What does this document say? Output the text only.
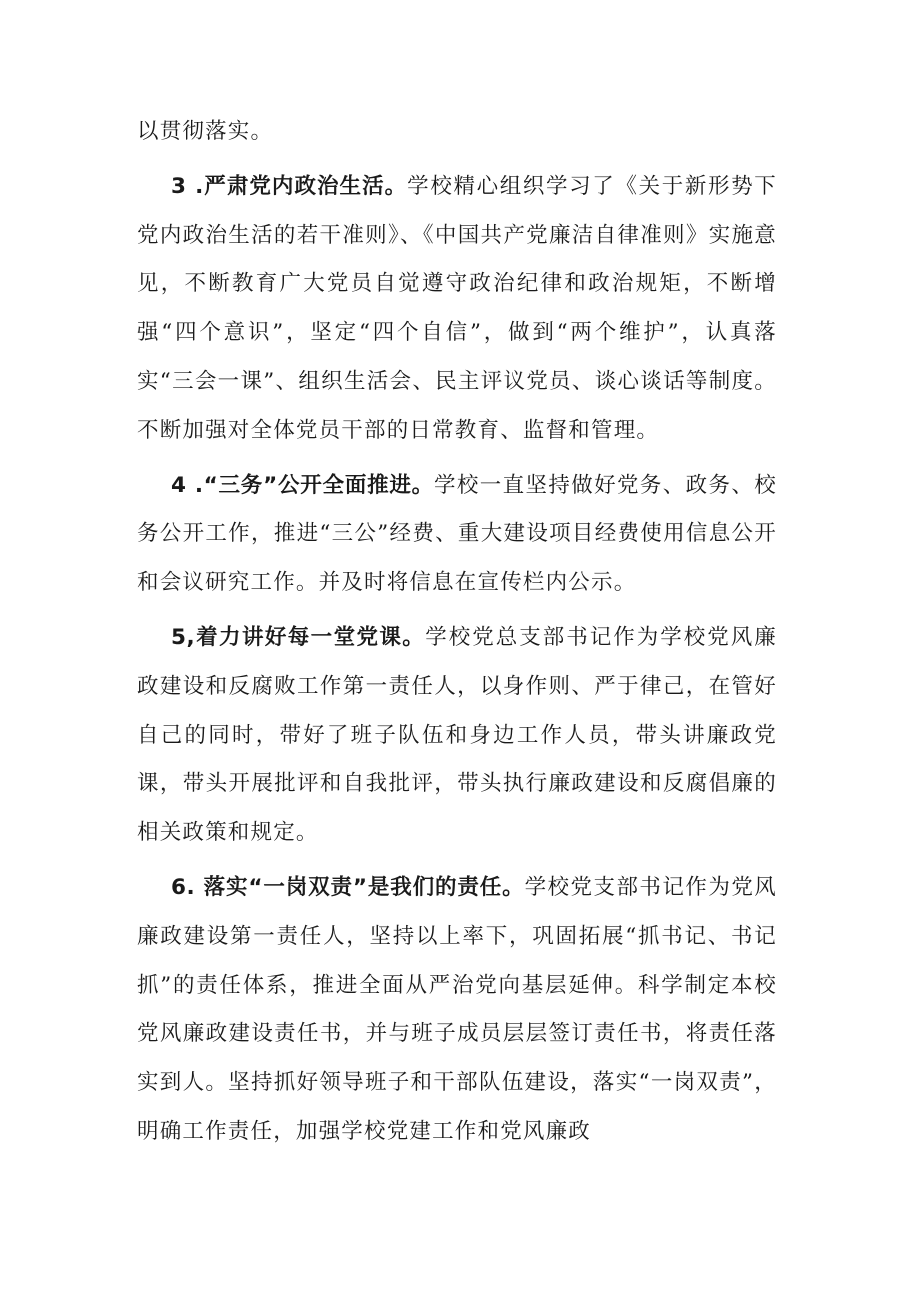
以贯彻落实。

3 .严肃党内政治生活。学校精心组织学习了《关于新形势下党内政治生活的若干准则》、《中国共产党廉洁自律准则》实施意见，不断教育广大党员自觉遵守政治纪律和政治规矩，不断增强“四个意识”，坚定“四个自信”，做到“两个维护”，认真落实“三会一课”、组织生活会、民主评议党员、谈心谈话等制度。不断加强对全体党员干部的日常教育、监督和管理。

4 .“三务”公开全面推进。学校一直坚持做好党务、政务、校务公开工作，推进“三公”经费、重大建设项目经费使用信息公开和会议研究工作。并及时将信息在宣传栏内公示。

5,着力讲好每一堂党课。学校党总支部书记作为学校党风廉政建设和反腐败工作第一责任人，以身作则、严于律己，在管好自己的同时，带好了班子队伍和身边工作人员，带头讲廉政党课，带头开展批评和自我批评，带头执行廉政建设和反腐倡廉的相关政策和规定。

6. 落实“一岗双责”是我们的责任。学校党支部书记作为党风廉政建设第一责任人，坚持以上率下，巩固拓展“抓书记、书记抓”的责任体系，推进全面从严治党向基层延伸。科学制定本校党风廉政建设责任书，并与班子成员层层签订责任书，将责任落实到人。坚持抓好领导班子和干部队伍建设，落实“一岗双责”，明确工作责任，加强学校党建工作和党风廉政
